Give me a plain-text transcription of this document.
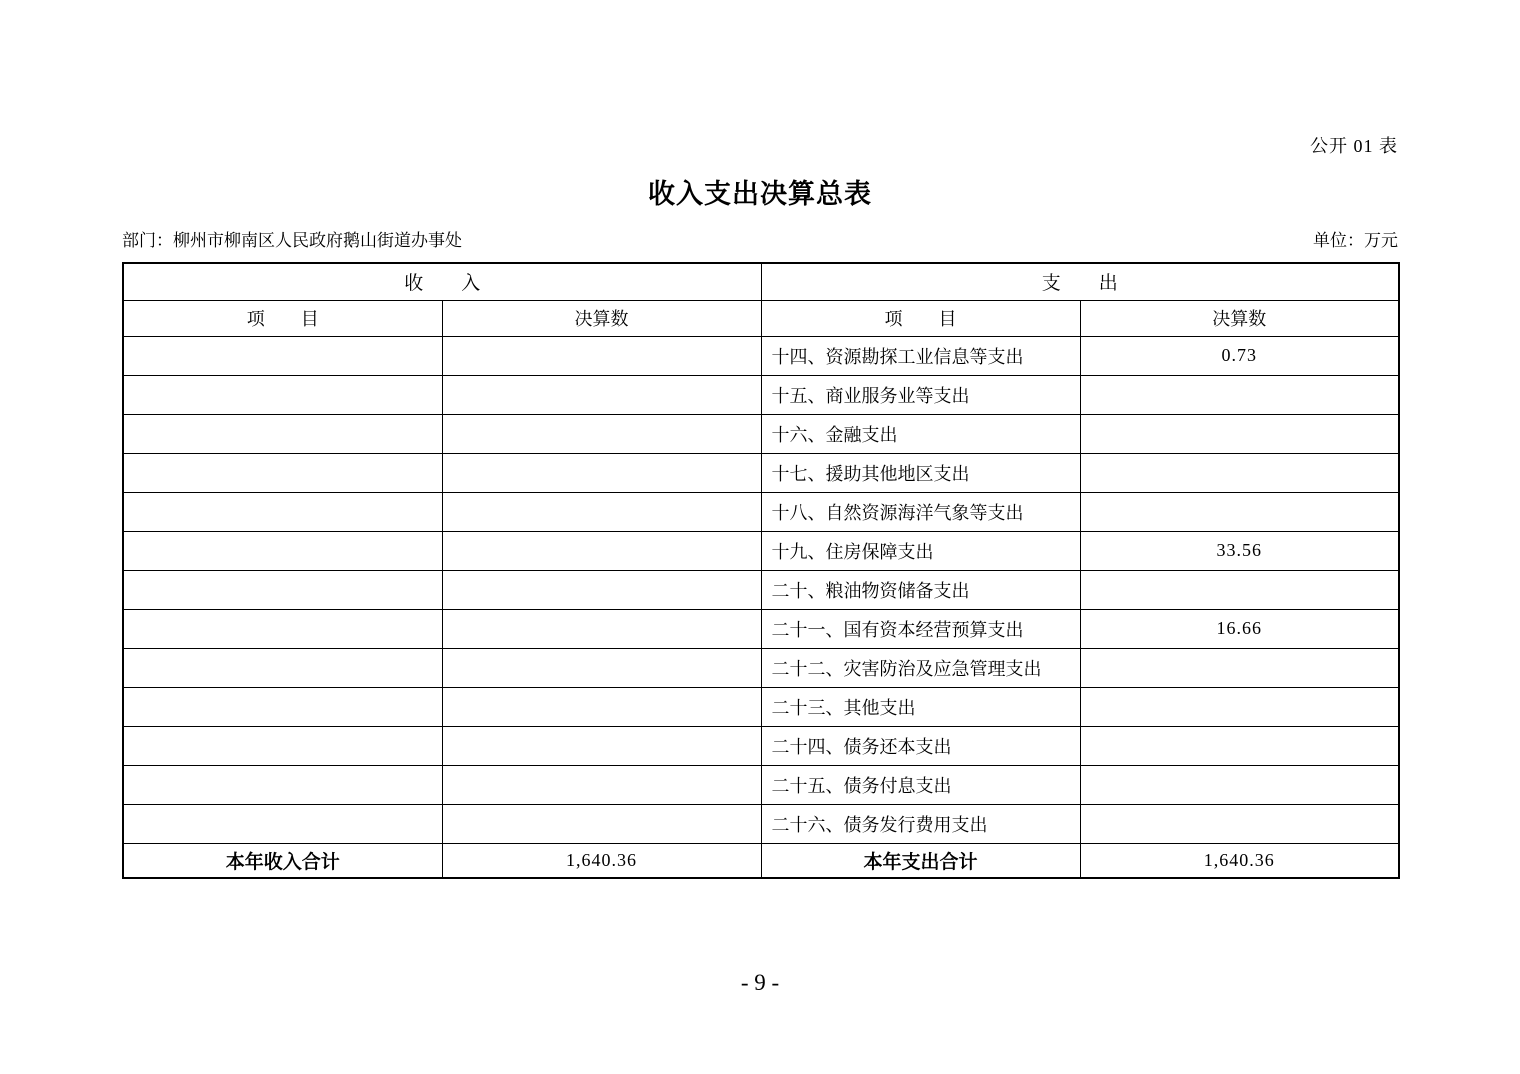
公开 01 表
收入支出决算总表
部门：柳州市柳南区人民政府鹅山街道办事处	单位：万元
收　　入		支　　出	
项　　目	决算数	项　　目	决算数
		十四、资源勘探工业信息等支出	0.73
		十五、商业服务业等支出	
		十六、金融支出	
		十七、援助其他地区支出	
		十八、自然资源海洋气象等支出	
		十九、住房保障支出	33.56
		二十、粮油物资储备支出	
		二十一、国有资本经营预算支出	16.66
		二十二、灾害防治及应急管理支出	
		二十三、其他支出	
		二十四、债务还本支出	
		二十五、债务付息支出	
		二十六、债务发行费用支出	
本年收入合计	1,640.36	本年支出合计	1,640.36
- 9 -
